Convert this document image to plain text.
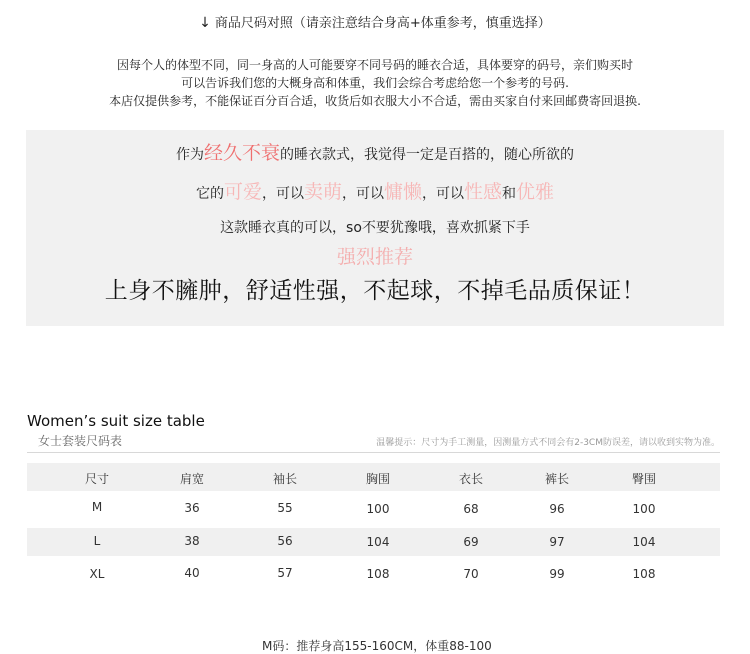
↓ 商品尺码对照（请亲注意结合身高+体重参考，慎重选择）
因每个人的体型不同，同一身高的人可能要穿不同号码的睡衣合适，具体要穿的码号，亲们购买时
可以告诉我们您的大概身高和体重，我们会综合考虑给您一个参考的号码.
本店仅提供参考，不能保证百分百合适，收货后如衣服大小不合适，需由买家自付来回邮费寄回退换.
作为经久不衰的睡衣款式，我觉得一定是百搭的，随心所欲的
它的可爱，可以卖萌，可以慵懒，可以性感和优雅
这款睡衣真的可以，so不要犹豫哦，喜欢抓紧下手
强烈推荐
上身不臃肿，舒适性强，不起球，不掉毛品质保证！
Women’s suit size table
女士套装尺码表	温馨提示：尺寸为手工测量，因测量方式不同会有2-3CM防误差，请以收到实物为准。
尺寸	肩宽	袖长	胸围	衣长	裤长	臀围
M	36	55	100	68	96	100
L	38	56	104	69	97	104
XL	40	57	108	70	99	108
M码：推荐身高155-160CM，体重88-100
